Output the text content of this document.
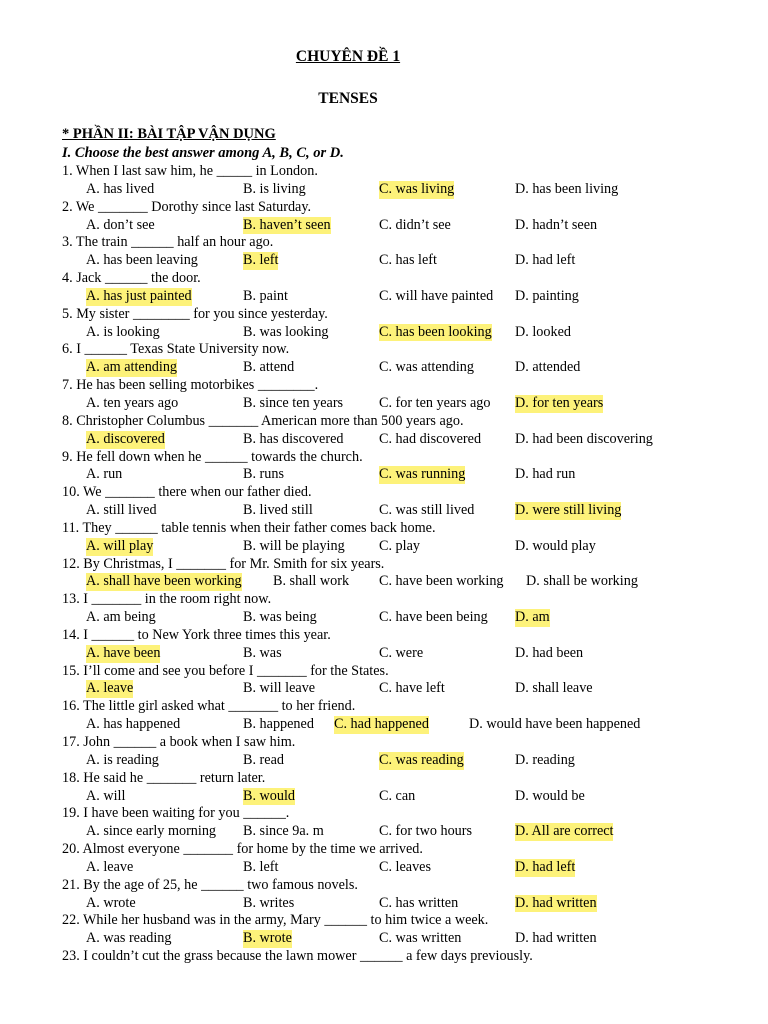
CHUYÊN ĐỀ 1
TENSES
* PHẦN II: BÀI TẬP VẬN DỤNG
I. Choose the best answer among A, B, C, or D.
1. When I last saw him, he _____ in London.
A. has lived	B. is living	C. was living	D. has been living
2. We _______ Dorothy since last Saturday.
A. don’t see	B. haven’t seen	C. didn’t see	D. hadn’t seen
3. The train ______ half an hour ago.
A. has been leaving	B. left	C. has left	D. had left
4. Jack ______ the door.
A. has just painted	B. paint	C. will have painted D. painting
5. My sister ________ for you since yesterday.
A. is looking	B. was looking	C. has been looking D. looked
6. I ______ Texas State University now.
A. am attending	B. attend	C. was attending	D. attended
7. He has been selling motorbikes ________.
A. ten years ago	B. since ten years	C. for ten years ago D. for ten years
8. Christopher Columbus _______ American more than 500 years ago.
A. discovered	B. has discovered	C. had discovered D. had been discovering
9. He fell down when he ______ towards the church.
A. run	B. runs	C. was running	D. had run
10. We _______ there when our father died.
A. still lived	B. lived still	C. was still lived	D. were still living
11. They ______ table tennis when their father comes back home.
A. will play	B. will be playing C. play	D. would play
12. By Christmas, I _______ for Mr. Smith for six years.
A. shall have been working B. shall work C. have been working D. shall be working
13. I _______ in the room right now.
A. am being	B. was being	C. have been being D. am
14. I ______ to New York three times this year.
A. have been	B. was	C. were	D. had been
15. I’ll come and see you before I _______ for the States.
A. leave	B. will leave	C. have left	D. shall leave
16. The little girl asked what _______ to her friend.
A. has happened	B. happened C. had happened	D. would have been happened
17. John ______ a book when I saw him.
A. is reading	B. read	C. was reading	D. reading
18. He said he _______ return later.
A. will	B. would	C. can	D. would be
19. I have been waiting for you ______.
A. since early morning B. since 9a. m	C. for two hours	D. All are correct
20. Almost everyone _______ for home by the time we arrived.
A. leave	B. left	C. leaves	D. had left
21. By the age of 25, he ______ two famous novels.
A. wrote	B. writes	C. has written	D. had written
22. While her husband was in the army, Mary ______ to him twice a week.
A. was reading	B. wrote	C. was written	D. had written
23. I couldn’t cut the grass because the lawn mower ______ a few days previously.
